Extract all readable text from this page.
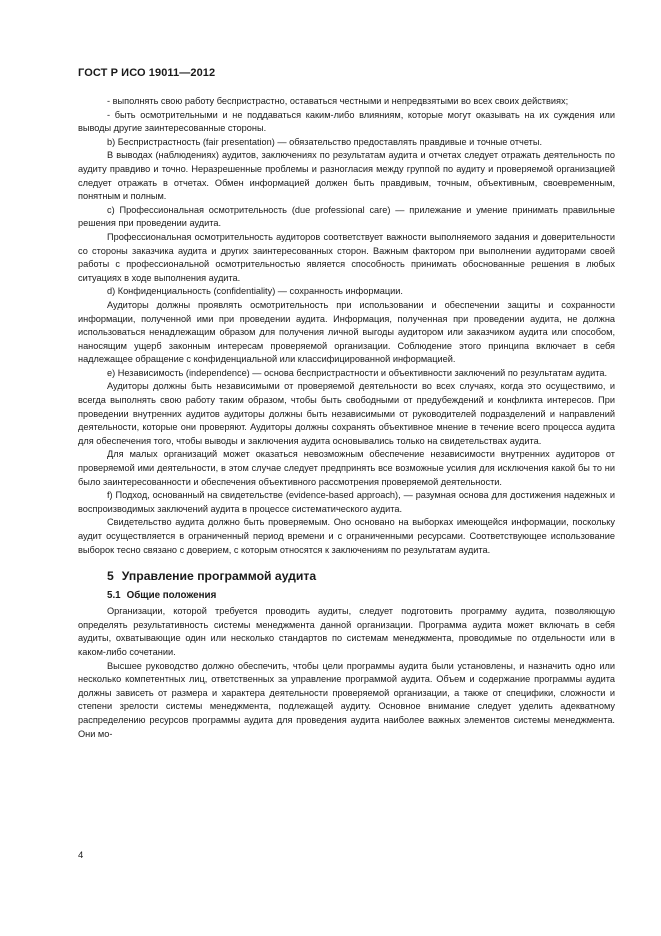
ГОСТ Р ИСО 19011—2012

- выполнять свою работу беспристрастно, оставаться честными и непредвзятыми во всех своих действиях;

- быть осмотрительными и не поддаваться каким-либо влияниям, которые могут оказывать на их суждения или выводы другие заинтересованные стороны.

b) Беспристрастность (fair presentation) — обязательство предоставлять правдивые и точные отчеты.

В выводах (наблюдениях) аудитов, заключениях по результатам аудита и отчетах следует отражать деятельность по аудиту правдиво и точно. Неразрешенные проблемы и разногласия между группой по аудиту и проверяемой организацией следует отражать в отчетах. Обмен информацией должен быть правдивым, точным, объективным, своевременным, понятным и полным.

c) Профессиональная осмотрительность (due professional care) — прилежание и умение принимать правильные решения при проведении аудита.

Профессиональная осмотрительность аудиторов соответствует важности выполняемого задания и доверительности со стороны заказчика аудита и других заинтересованных сторон. Важным фактором при выполнении аудиторами своей работы с профессиональной осмотрительностью является способность принимать обоснованные решения в любых ситуациях в ходе выполнения аудита.

d) Конфиденциальность (confidentiality) — сохранность информации.

Аудиторы должны проявлять осмотрительность при использовании и обеспечении защиты и сохранности информации, полученной ими при проведении аудита. Информация, полученная при проведении аудита, не должна использоваться ненадлежащим образом для получения личной выгоды аудитором или заказчиком аудита или способом, наносящим ущерб законным интересам проверяемой организации. Соблюдение этого принципа включает в себя надлежащее обращение с конфиденциальной или классифицированной информацией.

e) Независимость (independence) — основа беспристрастности и объективности заключений по результатам аудита.

Аудиторы должны быть независимыми от проверяемой деятельности во всех случаях, когда это осуществимо, и всегда выполнять свою работу таким образом, чтобы быть свободными от предубеждений и конфликта интересов. При проведении внутренних аудитов аудиторы должны быть независимыми от руководителей подразделений и направлений деятельности, которые они проверяют. Аудиторы должны сохранять объективное мнение в течение всего процесса аудита для обеспечения того, чтобы выводы и заключения аудита основывались только на свидетельствах аудита.

Для малых организаций может оказаться невозможным обеспечение независимости внутренних аудиторов от проверяемой ими деятельности, в этом случае следует предпринять все возможные усилия для исключения какой бы то ни было заинтересованности и обеспечения объективного рассмотрения проверяемой деятельности.

f) Подход, основанный на свидетельстве (evidence-based approach), — разумная основа для достижения надежных и воспроизводимых заключений аудита в процессе систематического аудита.

Свидетельство аудита должно быть проверяемым. Оно основано на выборках имеющейся информации, поскольку аудит осуществляется в ограниченный период времени и с ограниченными ресурсами. Соответствующее использование выборок тесно связано с доверием, с которым относятся к заключениям по результатам аудита.

5 Управление программой аудита
5.1 Общие положения

Организации, которой требуется проводить аудиты, следует подготовить программу аудита, позволяющую определять результативность системы менеджмента данной организации. Программа аудита может включать в себя аудиты, охватывающие один или несколько стандартов по системам менеджмента, проводимые по отдельности или в каком-либо сочетании.

Высшее руководство должно обеспечить, чтобы цели программы аудита были установлены, и назначить одно или несколько компетентных лиц, ответственных за управление программой аудита. Объем и содержание программы аудита должны зависеть от размера и характера деятельности проверяемой организации, а также от специфики, сложности и степени зрелости системы менеджмента, подлежащей аудиту. Основное внимание следует уделить адекватному распределению ресурсов программы аудита для проведения аудита наиболее важных элементов системы менеджмента. Они мо-

4
